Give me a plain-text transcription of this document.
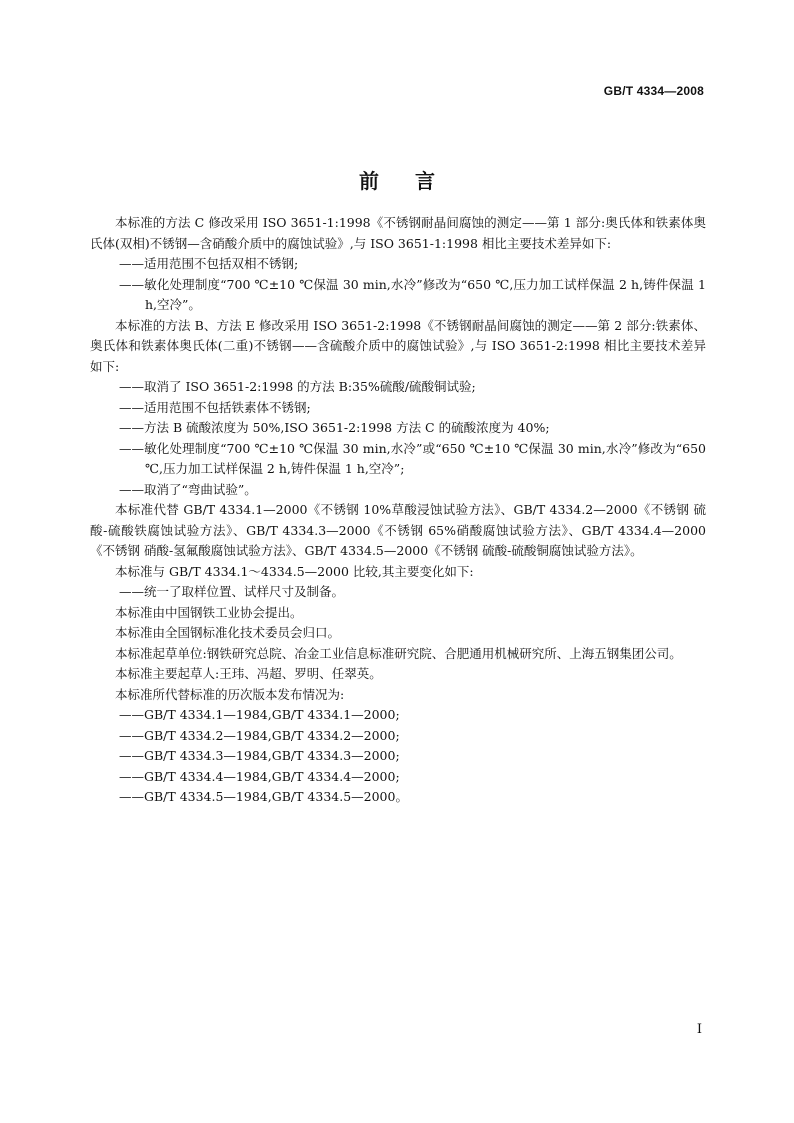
GB/T 4334—2008
前言

本标准的方法 C 修改采用 ISO 3651-1:1998《不锈钢耐晶间腐蚀的测定——第 1 部分:奥氏体和铁素体奥氏体(双相)不锈钢—含硝酸介质中的腐蚀试验》,与 ISO 3651-1:1998 相比主要技术差异如下:

——适用范围不包括双相不锈钢;

——敏化处理制度“700 ℃±10 ℃保温 30 min,水冷”修改为“650 ℃,压力加工试样保温 2 h,铸件保温 1 h,空冷”。

本标准的方法 B、方法 E 修改采用 ISO 3651-2:1998《不锈钢耐晶间腐蚀的测定——第 2 部分:铁素体、奥氏体和铁素体奥氏体(二重)不锈钢——含硫酸介质中的腐蚀试验》,与 ISO 3651-2:1998 相比主要技术差异如下:

——取消了 ISO 3651-2:1998 的方法 B:35%硫酸/硫酸铜试验;

——适用范围不包括铁素体不锈钢;

——方法 B 硫酸浓度为 50%,ISO 3651-2:1998 方法 C 的硫酸浓度为 40%;

——敏化处理制度“700 ℃±10 ℃保温 30 min,水冷”或“650 ℃±10 ℃保温 30 min,水冷”修改为“650 ℃,压力加工试样保温 2 h,铸件保温 1 h,空冷”;

——取消了“弯曲试验”。

本标准代替 GB/T 4334.1—2000《不锈钢 10%草酸浸蚀试验方法》、GB/T 4334.2—2000《不锈钢 硫酸-硫酸铁腐蚀试验方法》、GB/T 4334.3—2000《不锈钢 65%硝酸腐蚀试验方法》、GB/T 4334.4—2000《不锈钢 硝酸-氢氟酸腐蚀试验方法》、GB/T 4334.5—2000《不锈钢 硫酸-硫酸铜腐蚀试验方法》。

本标准与 GB/T 4334.1～4334.5—2000 比较,其主要变化如下:

——统一了取样位置、试样尺寸及制备。

本标准由中国钢铁工业协会提出。

本标准由全国钢标准化技术委员会归口。

本标准起草单位:钢铁研究总院、冶金工业信息标准研究院、合肥通用机械研究所、上海五钢集团公司。

本标准主要起草人:王玮、冯超、罗明、任翠英。

本标准所代替标准的历次版本发布情况为:

——GB/T 4334.1—1984,GB/T 4334.1—2000;

——GB/T 4334.2—1984,GB/T 4334.2—2000;

——GB/T 4334.3—1984,GB/T 4334.3—2000;

——GB/T 4334.4—1984,GB/T 4334.4—2000;

——GB/T 4334.5—1984,GB/T 4334.5—2000。

I
